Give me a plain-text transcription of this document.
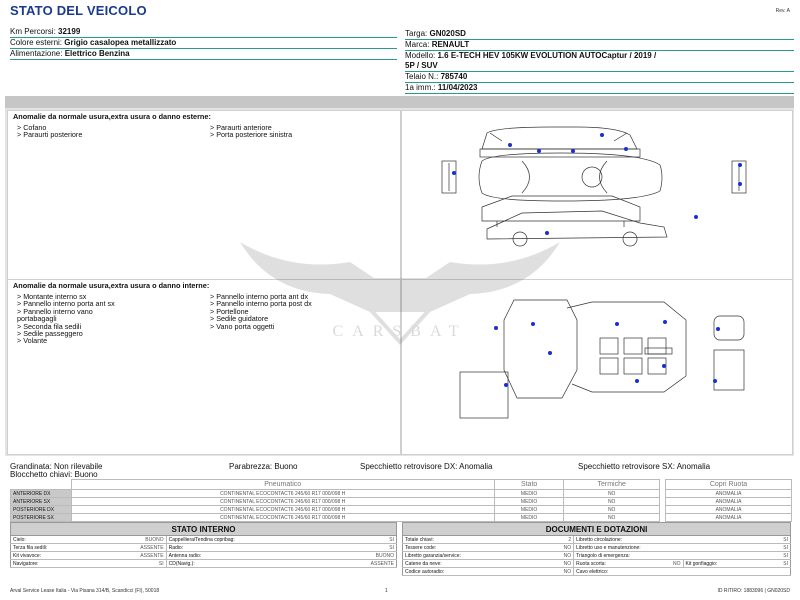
STATO DEL VEICOLO	Rev. A
Km Percorsi: 32199
Colore esterni: Grigio casalopea metallizzato
Alimentazione: Elettrico Benzina
Targa: GN020SD
Marca: RENAULT
Modello: 1.6 E-TECH HEV 105KW EVOLUTION AUTOCaptur / 2019 /
5P / SUV
Telaio N.: 785740
1a imm.: 11/04/2023
Anomalie da normale usura,extra usura o danno esterne:
> Cofano
> Paraurti posteriore
> Paraurti anteriore
> Porta posteriore sinistra
Anomalie da normale usura,extra usura o danno interne:
> Montante interno sx
> Pannello interno porta ant sx
> Pannello interno vano
portabagagli
> Seconda fila sedili
> Sedile passeggero
> Volante
> Pannello interno porta ant dx
> Pannello interno porta post dx
> Portellone
> Sedile guidatore
> Vano porta oggetti	CARSBAT
Grandinata: Non rilevabile
Blocchetto chiavi: Buono
Parabrezza: Buono	Specchietto retrovisore DX: Anomalia	Specchietto retrovisore SX: Anomalia
	Pneumatico	Stato	Termiche
ANTERIORE DX	CONTINENTAL ECOCONTACT6 245/60 R17 000/098 H	MEDIO	NO
ANTERIORE SX	CONTINENTAL ECOCONTACT6 245/60 R17 000/098 H	MEDIO	NO
POSTERIORE DX	CONTINENTAL ECOCONTACT6 245/60 R17 000/098 H	MEDIO	NO
POSTERIORE SX	CONTINENTAL ECOCONTACT6 245/60 R17 000/098 H	MEDIO	NO
Copri Ruota
ANOMALIA
ANOMALIA
ANOMALIA
ANOMALIA
STATO INTERNO			
Cielo:	BUONO	Cappelliera/Tendina copribag:	SI
Terza fila sedili:	ASSENTE	Radio:	SI
Kit vivavoce:	ASSENTE	Antenna radio:	BUONO
Navigatore:	SI	CD(Navig.):	ASSENTE
DOCUMENTI E DOTAZIONI					
Totale chiavi:	2	Libretto circolazione:			SI
Tessere code:	NO	Libretto uso e manutenzione:			SI
Libretto garanzia/service:	NO	Triangolo di emergenza:			SI
Catene da neve:	NO	Ruota scorta:	NO	Kit gonfiaggio:	SI
Codice autoradio:	NO	Cavo elettrico:			
Arval Service Lease Italia - Via Pisana 314/B, Scandicci (FI), 50018	1	ID RITIRO: 1883096 | GN020SD
